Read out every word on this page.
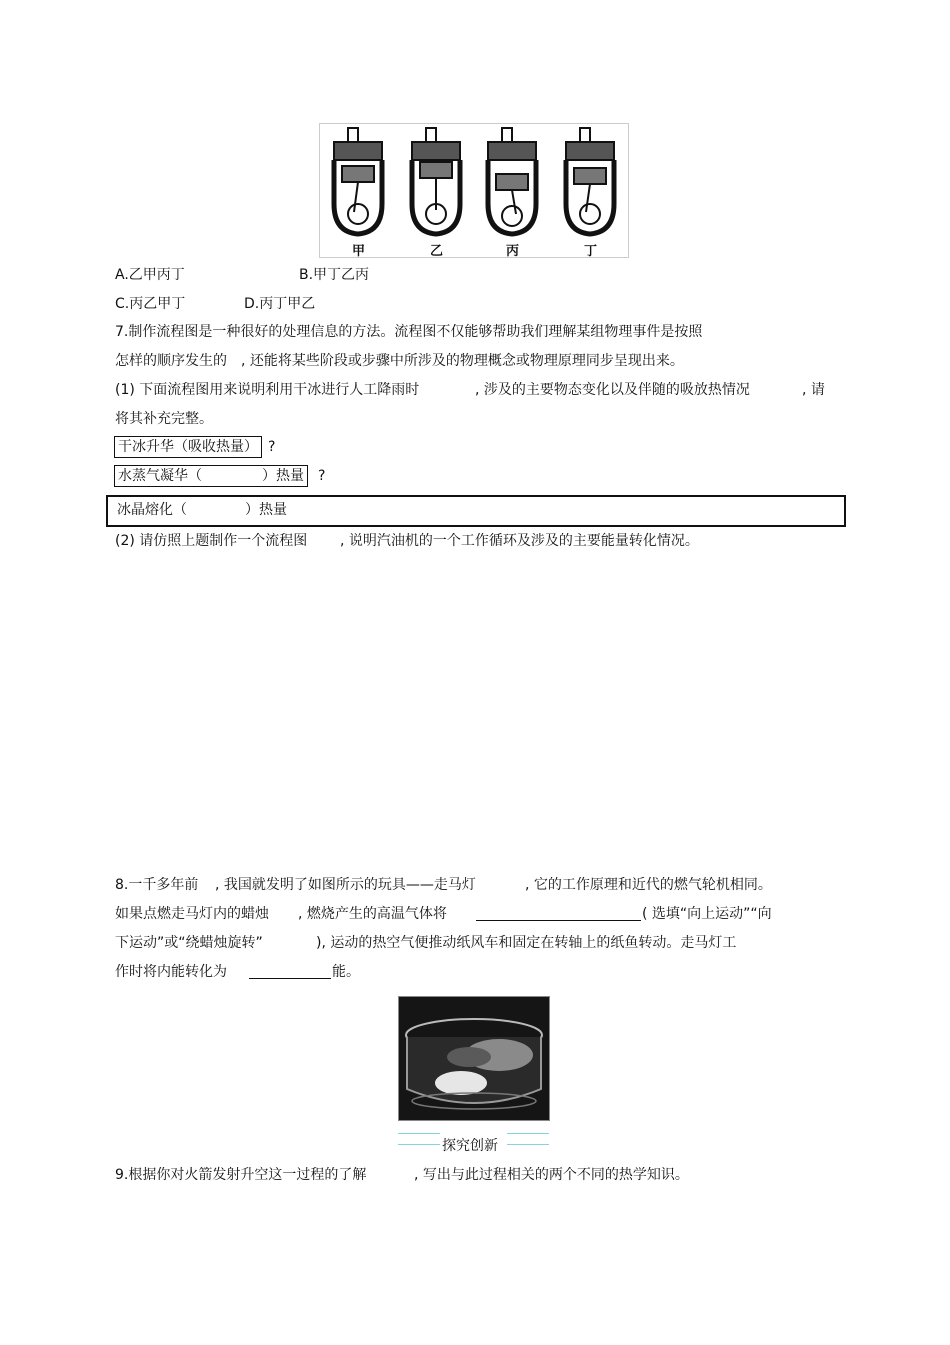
甲	乙	丙	丁
A.乙甲丙丁	B.甲丁乙丙
C.丙乙甲丁	D.丙丁甲乙
7.制作流程图是一种很好的处理信息的方法。流程图不仅能够帮助我们理解某组物理事件是按照
怎样的顺序发生的　, 还能将某些阶段或步骤中所涉及的物理概念或物理原理同步呈现出来。
(1) 下面流程图用来说明利用干冰进行人工降雨时	, 涉及的主要物态变化以及伴随的吸放热情况	, 请
将其补充完整。
干冰升华（吸收热量） ?
水蒸气凝华（	）热量 ?
冰晶熔化（	）热量
(2) 请仿照上题制作一个流程图 , 说明汽油机的一个工作循环及涉及的主要能量转化情况。
8.一千多年前 , 我国就发明了如图所示的玩具——走马灯	, 它的工作原理和近代的燃气轮机相同。
如果点燃走马灯内的蜡烛 , 燃烧产生的高温气体将	( 选填“向上运动”“向
下运动”或“绕蜡烛旋转”	), 运动的热空气便推动纸风车和固定在转轴上的纸鱼转动。走马灯工
作时将内能转化为	能。
探究创新
9.根据你对火箭发射升空这一过程的了解	, 写出与此过程相关的两个不同的热学知识。
